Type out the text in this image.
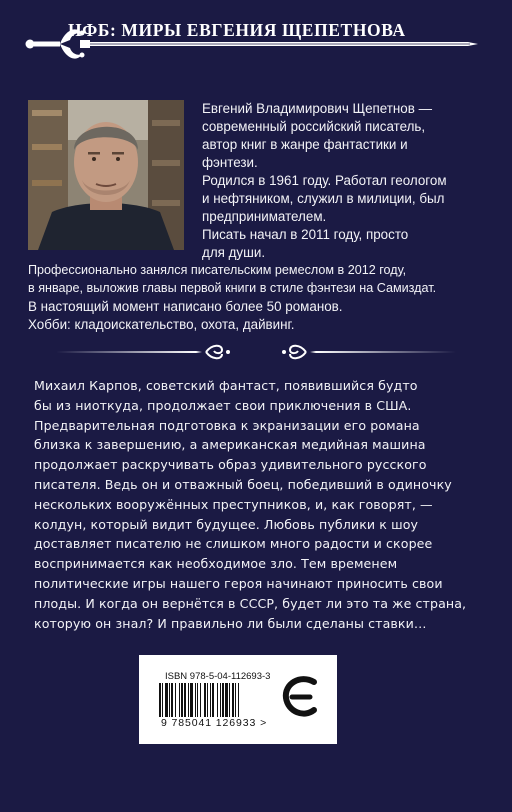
НФБ: МИРЫ ЕВГЕНИЯ ЩЕПЕТНОВА
Евгений Владимирович Щепетнов —
современный российский писатель,
автор книг в жанре фантастики и
фэнтези.
Родился в 1961 году. Работал геологом
и нефтяником, служил в милиции, был
предпринимателем.
Писать начал в 2011 году, просто
для души.
Профессионально занялся писательским ремеслом в 2012 году,
в январе, выложив главы первой книги в стиле фэнтези на Самиздат.
В настоящий момент написано более 50 романов.
Хобби: кладоискательство, охота, дайвинг.
Михаил Карпов, советский фантаст, появившийся будто
бы из ниоткуда, продолжает свои приключения в США.
Предварительная подготовка к экранизации его романа
близка к завершению, а американская медийная машина
продолжает раскручивать образ удивительного русского
писателя. Ведь он и отважный боец, победивший в одиночку
нескольких вооружённых преступников, и, как говорят, —
колдун, который видит будущее. Любовь публики к шоу
доставляет писателю не слишком много радости и скорее
воспринимается как необходимое зло. Тем временем
политические игры нашего героя начинают приносить свои
плоды. И когда он вернётся в СССР, будет ли это та же страна,
которую он знал? И правильно ли были сделаны ставки…
ISBN 978-5-04-112693-3
9 785041 126933 >
